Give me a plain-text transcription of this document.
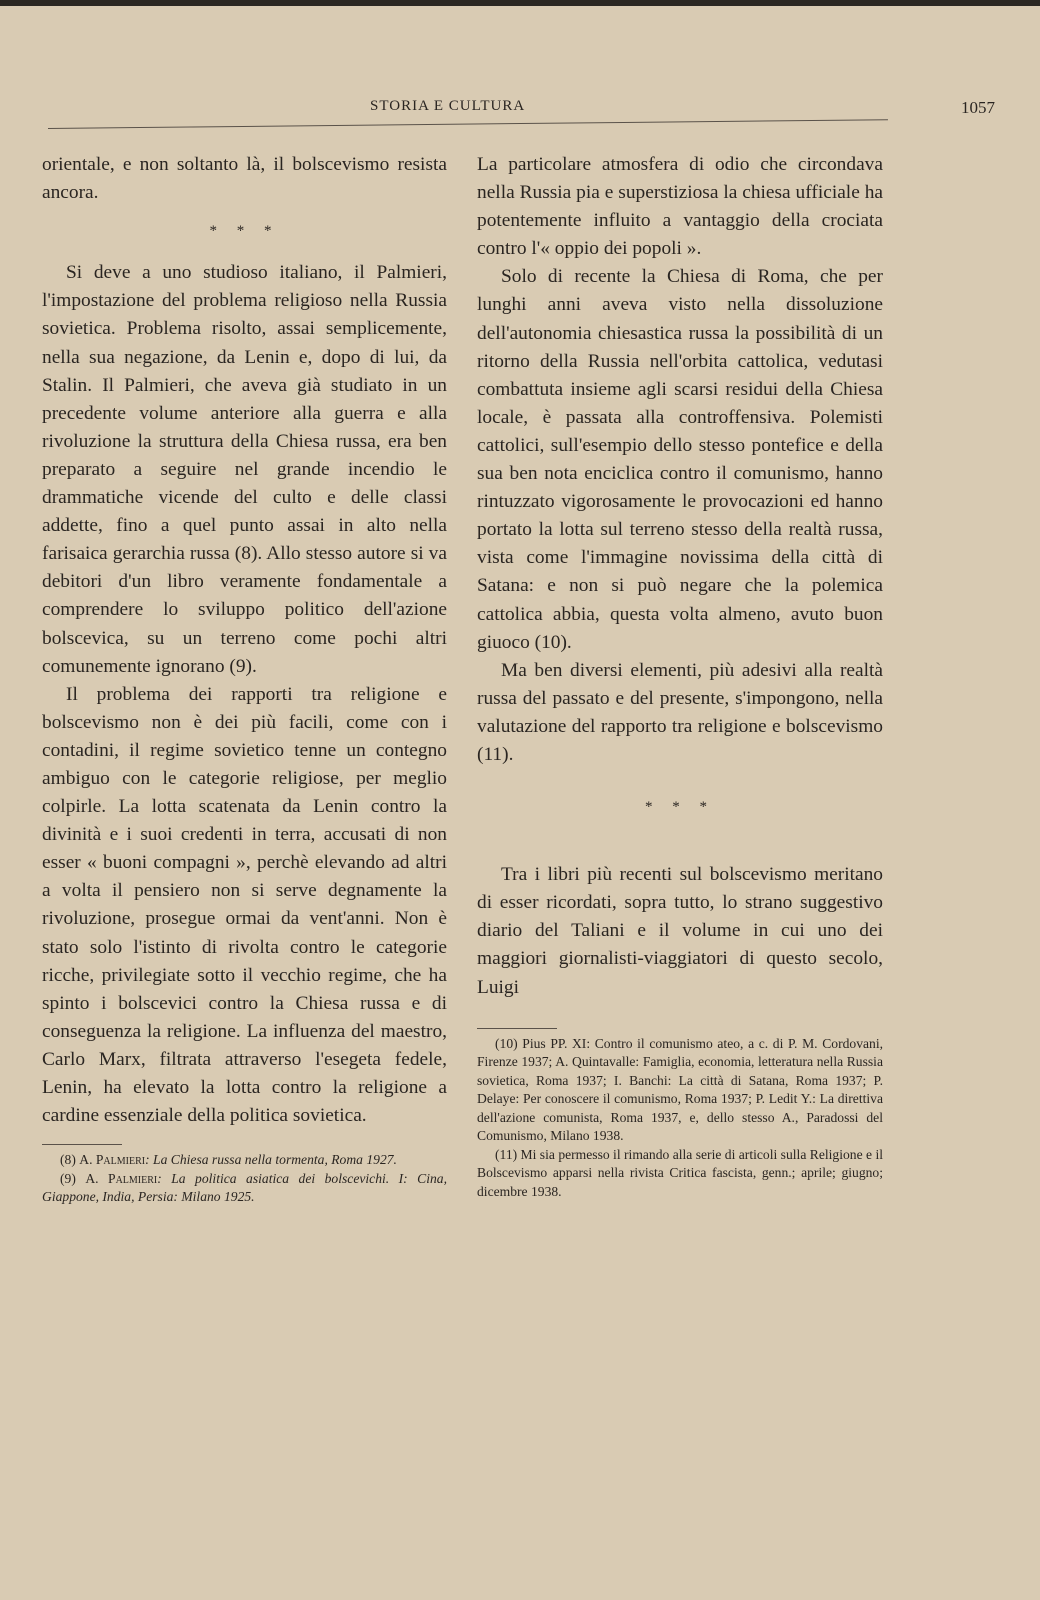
STORIA E CULTURA	1057

orientale, e non soltanto là, il bolscevismo resista ancora.

* * *

Si deve a uno studioso italiano, il Palmieri, l'impostazione del problema religioso nella Russia sovietica. Problema risolto, assai semplicemente, nella sua negazione, da Lenin e, dopo di lui, da Stalin. Il Palmieri, che aveva già studiato in un precedente volume anteriore alla guerra e alla rivoluzione la struttura della Chiesa russa, era ben preparato a seguire nel grande incendio le drammatiche vicende del culto e delle classi addette, fino a quel punto assai in alto nella farisaica gerarchia russa (8). Allo stesso autore si va debitori d'un libro veramente fondamentale a comprendere lo sviluppo politico dell'azione bolscevica, su un terreno come pochi altri comunemente ignorano (9).

Il problema dei rapporti tra religione e bolscevismo non è dei più facili, come con i contadini, il regime sovietico tenne un contegno ambiguo con le categorie religiose, per meglio colpirle. La lotta scatenata da Lenin contro la divinità e i suoi credenti in terra, accusati di non esser « buoni compagni », perchè elevando ad altri a volta il pensiero non si serve degnamente la rivoluzione, prosegue ormai da vent'anni. Non è stato solo l'istinto di rivolta contro le categorie ricche, privilegiate sotto il vecchio regime, che ha spinto i bolscevici contro la Chiesa russa e di conseguenza la religione. La influenza del maestro, Carlo Marx, filtrata attraverso l'esegeta fedele, Lenin, ha elevato la lotta contro la religione a cardine essenziale della politica sovietica.

(8) A. Palmieri: La Chiesa russa nella tormenta, Roma 1927.

(9) A. Palmieri: La politica asiatica dei bolscevichi. I: Cina, Giappone, India, Persia: Milano 1925.

La particolare atmosfera di odio che circondava nella Russia pia e superstiziosa la chiesa ufficiale ha potentemente influito a vantaggio della crociata contro l'« oppio dei popoli ».

Solo di recente la Chiesa di Roma, che per lunghi anni aveva visto nella dissoluzione dell'autonomia chiesastica russa la possibilità di un ritorno della Russia nell'orbita cattolica, vedutasi combattuta insieme agli scarsi residui della Chiesa locale, è passata alla controffensiva. Polemisti cattolici, sull'esempio dello stesso pontefice e della sua ben nota enciclica contro il comunismo, hanno rintuzzato vigorosamente le provocazioni ed hanno portato la lotta sul terreno stesso della realtà russa, vista come l'immagine novissima della città di Satana: e non si può negare che la polemica cattolica abbia, questa volta almeno, avuto buon giuoco (10).

Ma ben diversi elementi, più adesivi alla realtà russa del passato e del presente, s'impongono, nella valutazione del rapporto tra religione e bolscevismo (11).

* * *

Tra i libri più recenti sul bolscevismo meritano di esser ricordati, sopra tutto, lo strano suggestivo diario del Taliani e il volume in cui uno dei maggiori giornalisti-viaggiatori di questo secolo, Luigi

(10) Pius PP. XI: Contro il comunismo ateo, a c. di P. M. Cordovani, Firenze 1937; A. Quintavalle: Famiglia, economia, letteratura nella Russia sovietica, Roma 1937; I. Banchi: La città di Satana, Roma 1937; P. Delaye: Per conoscere il comunismo, Roma 1937; P. Ledit Y.: La direttiva dell'azione comunista, Roma 1937, e, dello stesso A., Paradossi del Comunismo, Milano 1938.

(11) Mi sia permesso il rimando alla serie di articoli sulla Religione e il Bolscevismo apparsi nella rivista Critica fascista, genn.; aprile; giugno; dicembre 1938.
